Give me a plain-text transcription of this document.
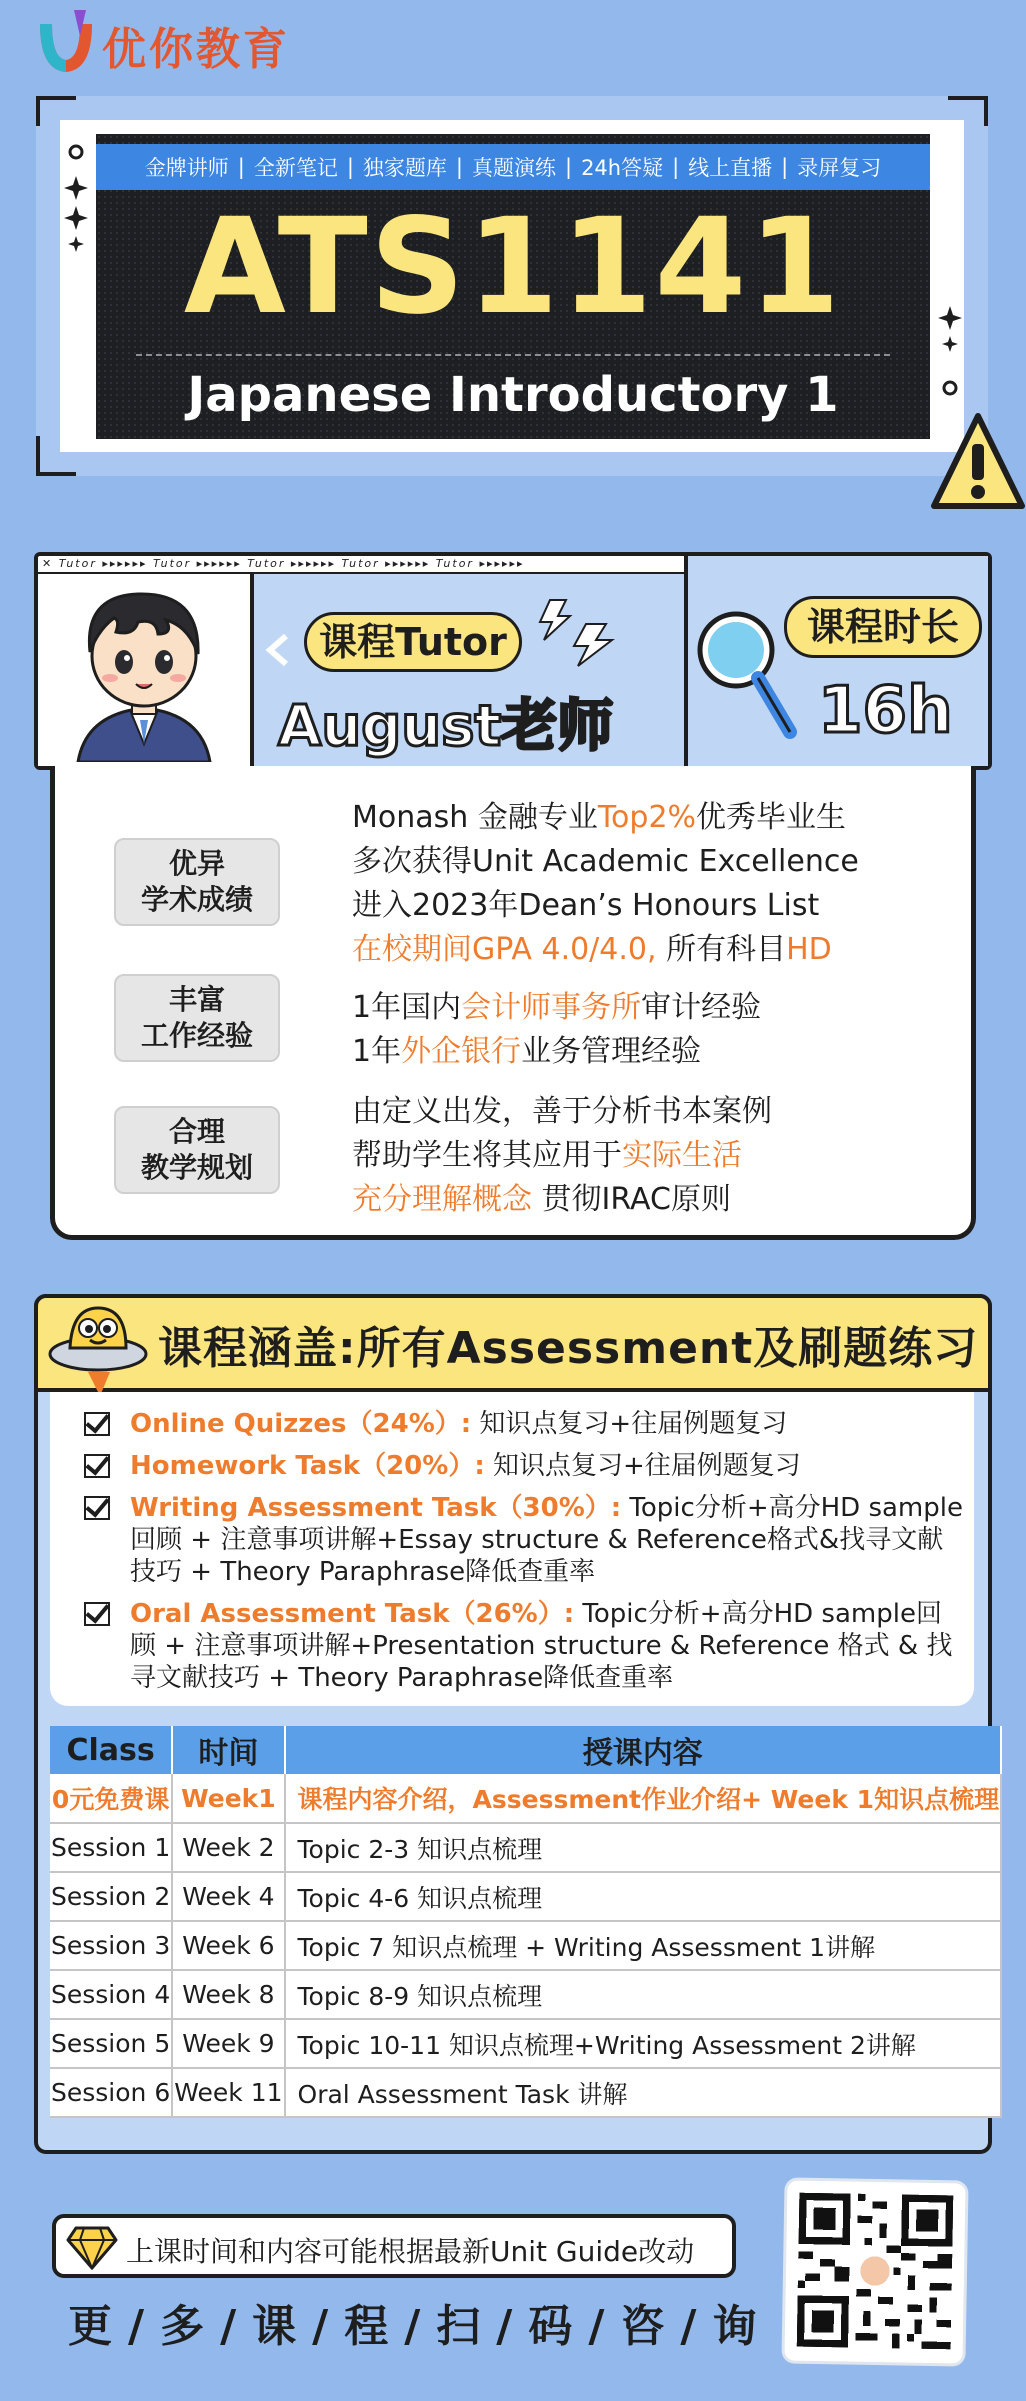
优你教育
金牌讲师 | 全新笔记 | 独家题库 | 真题演练 | 24h答疑 | 线上直播 | 录屏复习
ATS1141
Japanese Introductory 1
✕ Tutor ▸▸▸▸▸▸ Tutor ▸▸▸▸▸▸ Tutor ▸▸▸▸▸▸ Tutor ▸▸▸▸▸▸ Tutor ▸▸▸▸▸▸
课程Tutor
August老师
课程时长
16h
优异
学术成绩
Monash 金融专业Top2%优秀毕业生
多次获得Unit Academic Excellence
进入2023年Dean’s Honours List
在校期间GPA 4.0/4.0, 所有科目HD
丰富
工作经验
1年国内会计师事务所审计经验
1年外企银行业务管理经验
合理
教学规划
由定义出发，善于分析书本案例
帮助学生将其应用于实际生活
充分理解概念 贯彻IRAC原则
课程涵盖:所有Assessment及刷题练习
Online Quizzes（24%）: 知识点复习+往届例题复习
Homework Task（20%）: 知识点复习+往届例题复习
Writing Assessment Task（30%）: Topic分析+高分HD sample回顾 + 注意事项讲解+Essay structure & Reference格式&找寻文献技巧 + Theory Paraphrase降低查重率
Oral Assessment Task（26%）: Topic分析+高分HD sample回顾 + 注意事项讲解+Presentation structure & Reference 格式 & 找寻文献技巧 + Theory Paraphrase降低查重率
Class	时间	授课内容
0元免费课	Week1	课程内容介绍，Assessment作业介绍+ Week 1知识点梳理
Session 1	Week 2	Topic 2-3 知识点梳理
Session 2	Week 4	Topic 4-6 知识点梳理
Session 3	Week 6	Topic 7 知识点梳理 + Writing Assessment 1讲解
Session 4	Week 8	Topic 8-9 知识点梳理
Session 5	Week 9	Topic 10-11 知识点梳理+Writing Assessment 2讲解
Session 6	Week 11	Oral Assessment Task 讲解
上课时间和内容可能根据最新Unit Guide改动
更/多/课/程/扫/码/咨/询
